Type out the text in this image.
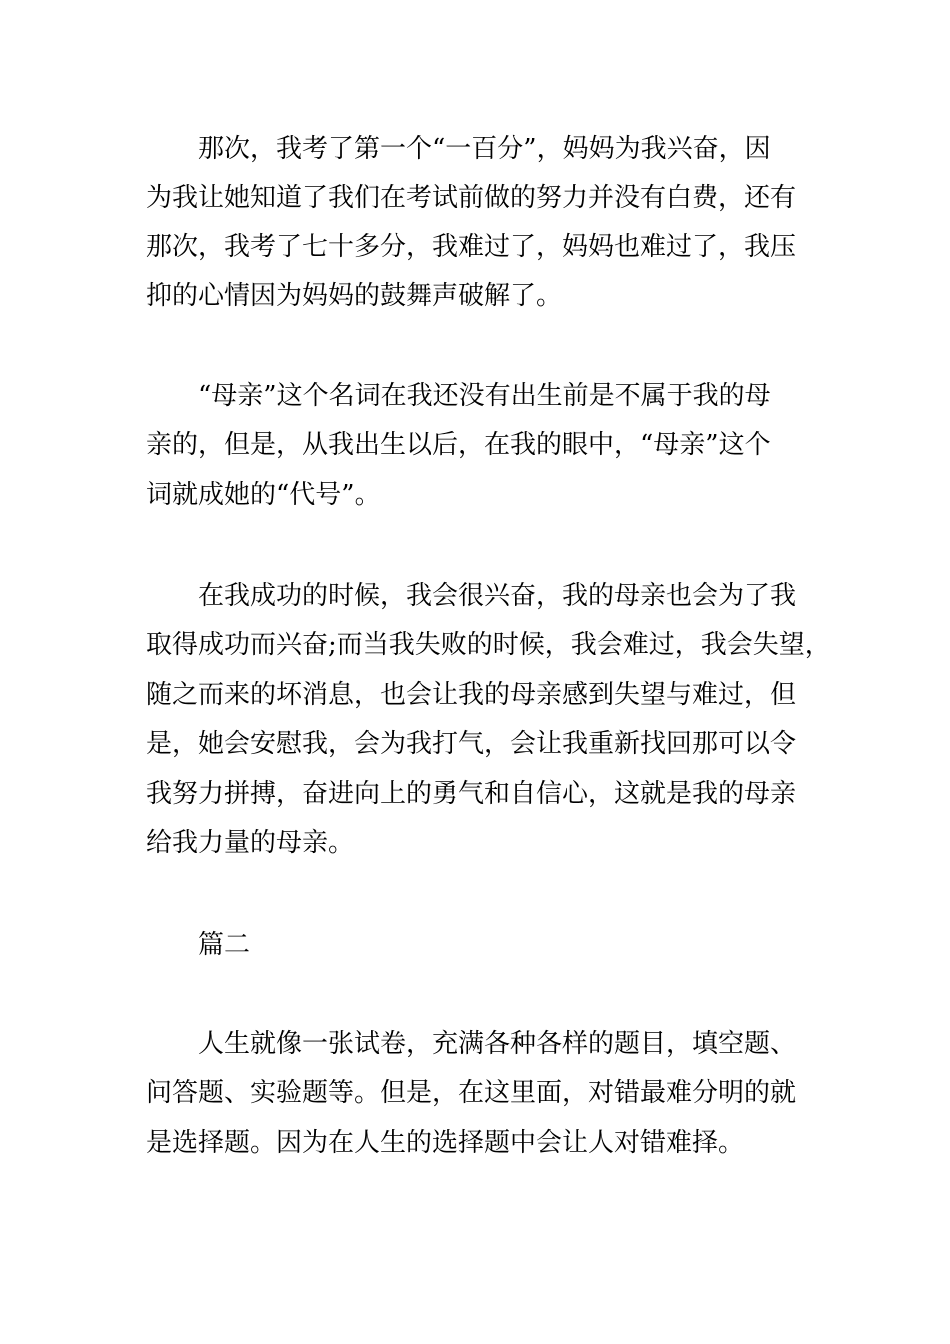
那次，我考了第一个“一百分”，妈妈为我兴奋，因
为我让她知道了我们在考试前做的努力并没有白费，还有
那次，我考了七十多分，我难过了，妈妈也难过了，我压
抑的心情因为妈妈的鼓舞声破解了。
“母亲”这个名词在我还没有出生前是不属于我的母
亲的，但是，从我出生以后，在我的眼中，“母亲”这个
词就成她的“代号”。
在我成功的时候，我会很兴奋，我的母亲也会为了我
取得成功而兴奋;而当我失败的时候，我会难过，我会失望，
随之而来的坏消息，也会让我的母亲感到失望与难过，但
是，她会安慰我，会为我打气，会让我重新找回那可以令
我努力拼搏，奋进向上的勇气和自信心，这就是我的母亲
给我力量的母亲。
篇二
人生就像一张试卷，充满各种各样的题目，填空题、
问答题、实验题等。但是，在这里面，对错最难分明的就
是选择题。因为在人生的选择题中会让人对错难择。
